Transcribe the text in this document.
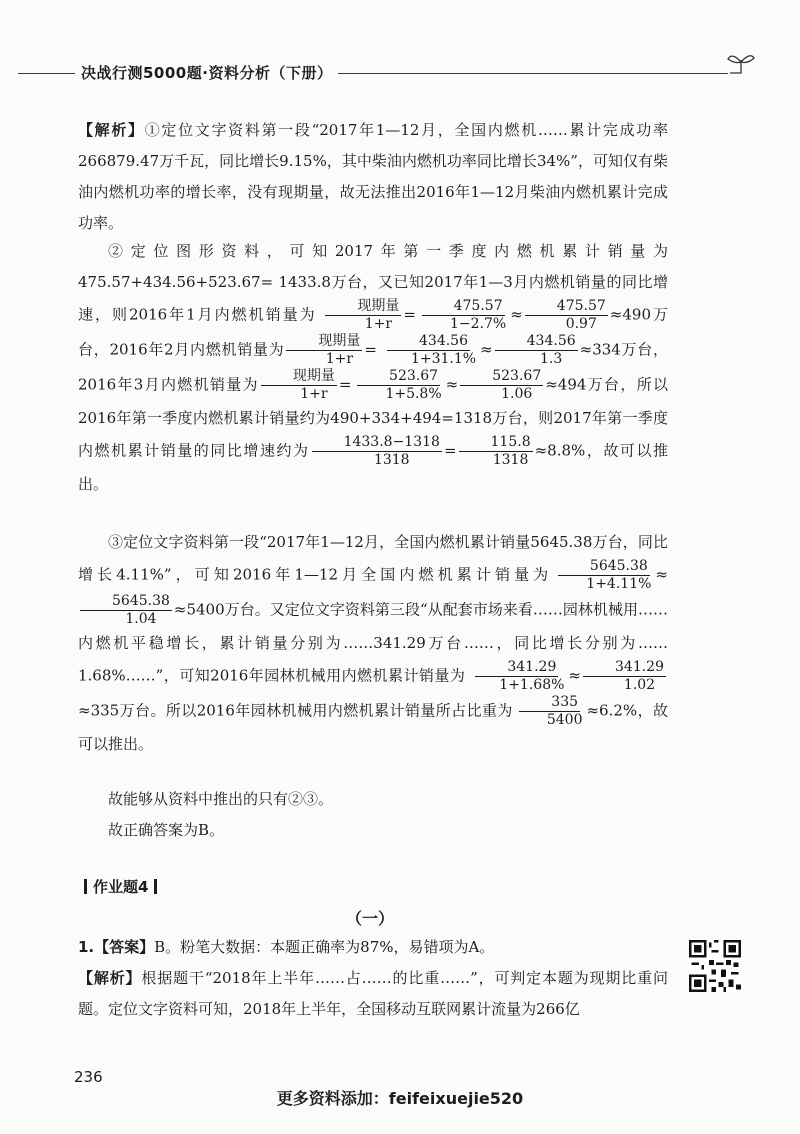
决战行测5000题·资料分析（下册）

【解析】①定位文字资料第一段“2017年1—12月，全国内燃机……累计完成功率266879.47万千瓦，同比增长9.15%，其中柴油内燃机功率同比增长34%”，可知仅有柴油内燃机功率的增长率，没有现期量，故无法推出2016年1—12月柴油内燃机累计完成功率。

②定位图形资料，可知2017年第一季度内燃机累计销量为475.57+434.56+523.67= 1433.8万台，又已知2017年1—3月内燃机销量的同比增速，则2016年1月内燃机销量为 $\frac{\text{现期量}}{1+r} = \frac{475.57}{1-2.7\%} \approx \frac{475.57}{0.97} \approx 490$万台，2016年2月内燃机销量为 $\frac{\text{现期量}}{1+r} = \frac{434.56}{1+31.1\%} \approx \frac{434.56}{1.3} \approx 334$万台，2016年3月内燃机销量为 $\frac{\text{现期量}}{1+r} = \frac{523.67}{1+5.8\%} \approx \frac{523.67}{1.06} \approx 494$万台，所以2016年第一季度内燃机累计销量约为490+334+494=1318万台，则2017年第一季度内燃机累计销量的同比增速约为 $\frac{1433.8-1318}{1318} = \frac{115.8}{1318} \approx 8.8\%$，故可以推出。

③定位文字资料第一段“2017年1—12月，全国内燃机累计销量5645.38万台，同比增长4.11%”，可知2016年1—12月全国内燃机累计销量为 $\frac{5645.38}{1+4.11\%}$ ≈
$\frac{5645.38}{1.04} \approx 5400$万台。又定位文字资料第三段“从配套市场来看……园林机械用……内燃机平稳增长，累计销量分别为……341.29万台……，同比增长分别为……1.68%……”，可知2016年园林机械用内燃机累计销量为 $\frac{341.29}{1+1.68\%} \approx \frac{341.29}{1.02}$
≈335万台。所以2016年园林机械用内燃机累计销量所占比重为 $\frac{335}{5400} \approx 6.2\%$，故可以推出。

故能够从资料中推出的只有②③。

故正确答案为B。

作业题4
（一）

1.【答案】B。粉笔大数据：本题正确率为87%，易错项为A。

【解析】根据题干“2018年上半年……占……的比重……”，可判定本题为现期比重问题。定位文字资料可知，2018年上半年，全国移动互联网累计流量为266亿

236
更多资料添加：feifeixuejie520
